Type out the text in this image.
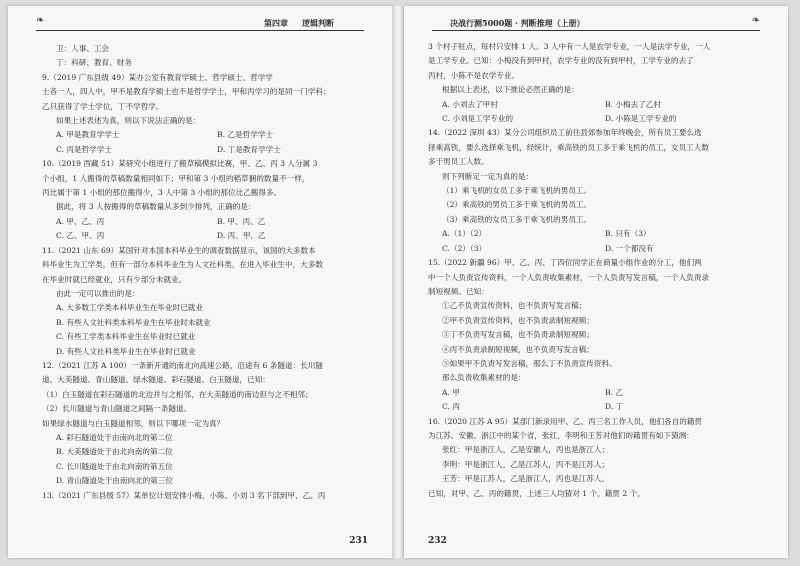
❧	第四章 逻辑判断
卫：人事、工会
丁：科研、教育、财务
9.（2019 广东县级 49）某办公室有教育学硕士、哲学硕士、哲学学
士各一人，四人中，甲不是教育学硕士也不是哲学学士，甲和丙学习的是同一门学科；
乙只获得了学士学位，丁不学哲学。
如果上述表述为真，则以下说法正确的是：
A. 甲是教育学学士	B. 乙是哲学学士
C. 丙是哲学学士	D. 丁是教育学学士
10.（2019 西藏 51）某研究小组进行了搬草稿模拟比赛，甲、乙、丙 3 人分属 3
个小组，1 人搬得的草稿数量相同如下；甲和第 3 小组的稻草捆的数量不一样，
丙比属于第 1 小组的那位搬得少，3 人中第 3 小组的那位比乙搬得多。
据此，将 3 人按搬得的草稿数量从多到少排列，正确的是：
A. 甲、乙、丙	B. 甲、丙、乙
C. 乙、甲、丙	D. 丙、甲、乙
11.（2021 山东 69）某国针对本国本科毕业生的调查数据显示，该国的大多数本
科毕业生为工学类，但有一部分本科毕业生为人文社科类，在进入毕业生中，大多数
在毕业时就已经就业，只有少部分未就业。
由此一定可以推出的是：
A. 大多数工学类本科毕业生在毕业时已就业
B. 有些人文社科类本科毕业生在毕业时未就业
C. 有些工学类本科毕业生在毕业时已就业
D. 有些人文社科类毕业生在毕业时已就业
12.（2021 江苏 A 100）一条新开通的南北向高速公路，沿途有 6 条隧道：长川隧
道、大美隧道、青山隧道、绿水隧道、彩石隧道、白玉隧道，已知：
（1）白玉隧道在彩石隧道的北边并与之相邻，在大美隧道的南边但与之不相邻；
（2）长川隧道与青山隧道之间隔一条隧道。
如果绿水隧道与白玉隧道相邻，则以下哪项一定为真？
A. 彩石隧道处于由南向北的第二位
B. 大美隧道处于由北向南的第二位
C. 长川隧道处于由北向南的第五位
D. 青山隧道处于由南向北的第三位
13.（2021 广东县级 57）某单位计划安排小梅、小陈、小刘 3 名下部到甲、乙、丙
231
决战行测5000题 · 判断推理（上册）	❧
3 个村子驻点，每村只安排 1 人。3 人中有一人是农学专业，一人是法学专业，一人
是工学专业。已知：小梅没有到甲村，农学专业的没有到甲村，工学专业的去了
丙村，小陈不是农学专业。
根据以上表述，以下推论必然正确的是：
A. 小刘去了甲村	B. 小梅去了乙村
C. 小刘是工学专业的	D. 小陈是工学专业的
14.（2022 深圳 43）某分公司组织员工前往县郊参加年终晚会，所有员工要么选
择乘高铁，要么选择乘飞机，经统计，乘高铁的员工多于乘飞机的员工，女员工人数
多于男员工人数。
则下列断定一定为真的是：
（1）乘飞机的女员工多于乘飞机的男员工。
（2）乘高铁的男员工多于乘飞机的男员工。
（3）乘高铁的女员工多于乘飞机的男员工。
A.（1）（2）	B. 只有（3）
C.（2）（3）	D. 一个都没有
15.（2022 新疆 96）甲、乙、丙、丁四位同学正在商量小组作业的分工，他们两
中一个人负责宣传资料，一个人负责收集素材，一个人负责写发言稿，一个人负责录
制短视频。已知：
①乙不负责宣传资料，也不负责写发言稿；
②甲不负责宣传资料，也不负责录制短视频；
③丁不负责写发言稿，也不负责录制短视频；
④丙不负责录制短视频，也不负责写发言稿；
⑤如果甲不负责写发言稿，那么丁不负责宣传资料。
那么负责收集素材的是：
A. 甲	B. 乙
C. 丙	D. 丁
16.（2020 江苏 A 95）某部门新录用甲、乙、丙三名工作人员，他们各自的籍贯
为江苏、安徽、浙江中的某个省，张红、李明和王芳对他们的籍贯有如下猜测：
张红：甲是浙江人，乙是安徽人，丙也是浙江人；
李明：甲是浙江人，乙是江苏人，丙不是江苏人；
王芳：甲是江苏人，乙是浙江人，丙也是江苏人。
已知，对甲、乙、丙的籍贯，上述三人均猜对 1 个。籍贯 2 个。
232
